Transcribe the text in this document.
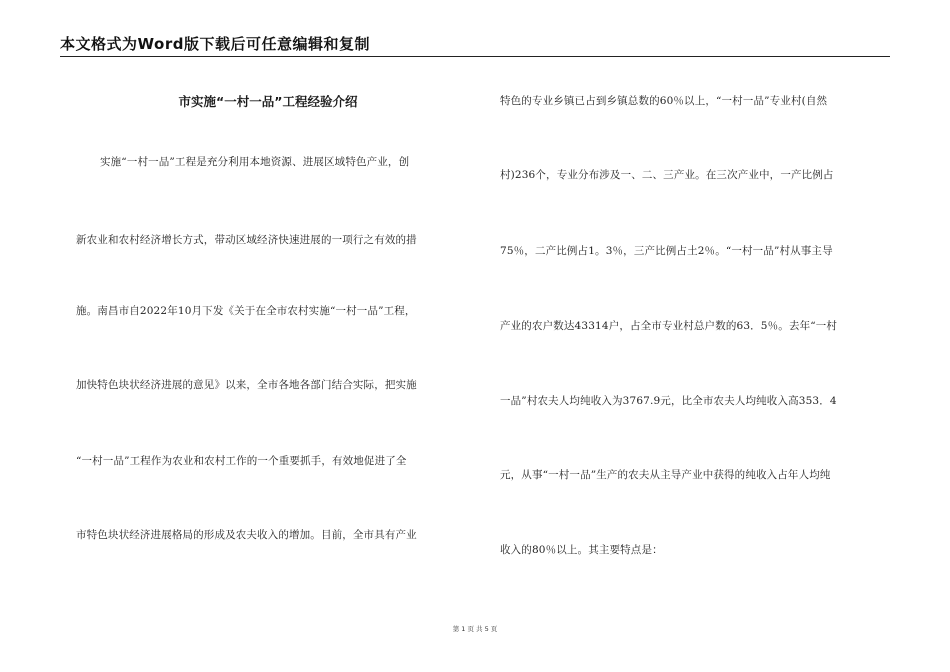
本文格式为Word版下载后可任意编辑和复制
市实施“一村一品”工程经验介绍
实施“一村一品”工程是充分利用本地资源、进展区域特色产业，创
新农业和农村经济增长方式，带动区域经济快速进展的一项行之有效的措
施。南昌市自2022年10月下发《关于在全市农村实施“一村一品”工程，
加快特色块状经济进展的意见》以来，全市各地各部门结合实际，把实施
“一村一品”工程作为农业和农村工作的一个重要抓手，有效地促进了全
市特色块状经济进展格局的形成及农夫收入的增加。目前，全市具有产业
特色的专业乡镇已占到乡镇总数的60％以上，“一村一品”专业村(自然
村)236个，专业分布涉及一、二、三产业。在三次产业中，一产比例占
75％，二产比例占1。3％，三产比例占土2％。“一村一品”村从事主导
产业的农户数达43314户，占全市专业村总户数的63．5％。去年“一村
一品”村农夫人均纯收入为3767.9元，比全市农夫人均纯收入高353．4
元，从事“一村一品”生产的农夫从主导产业中获得的纯收入占年人均纯
收入的80％以上。其主要特点是：
第 1 页 共 5 页
